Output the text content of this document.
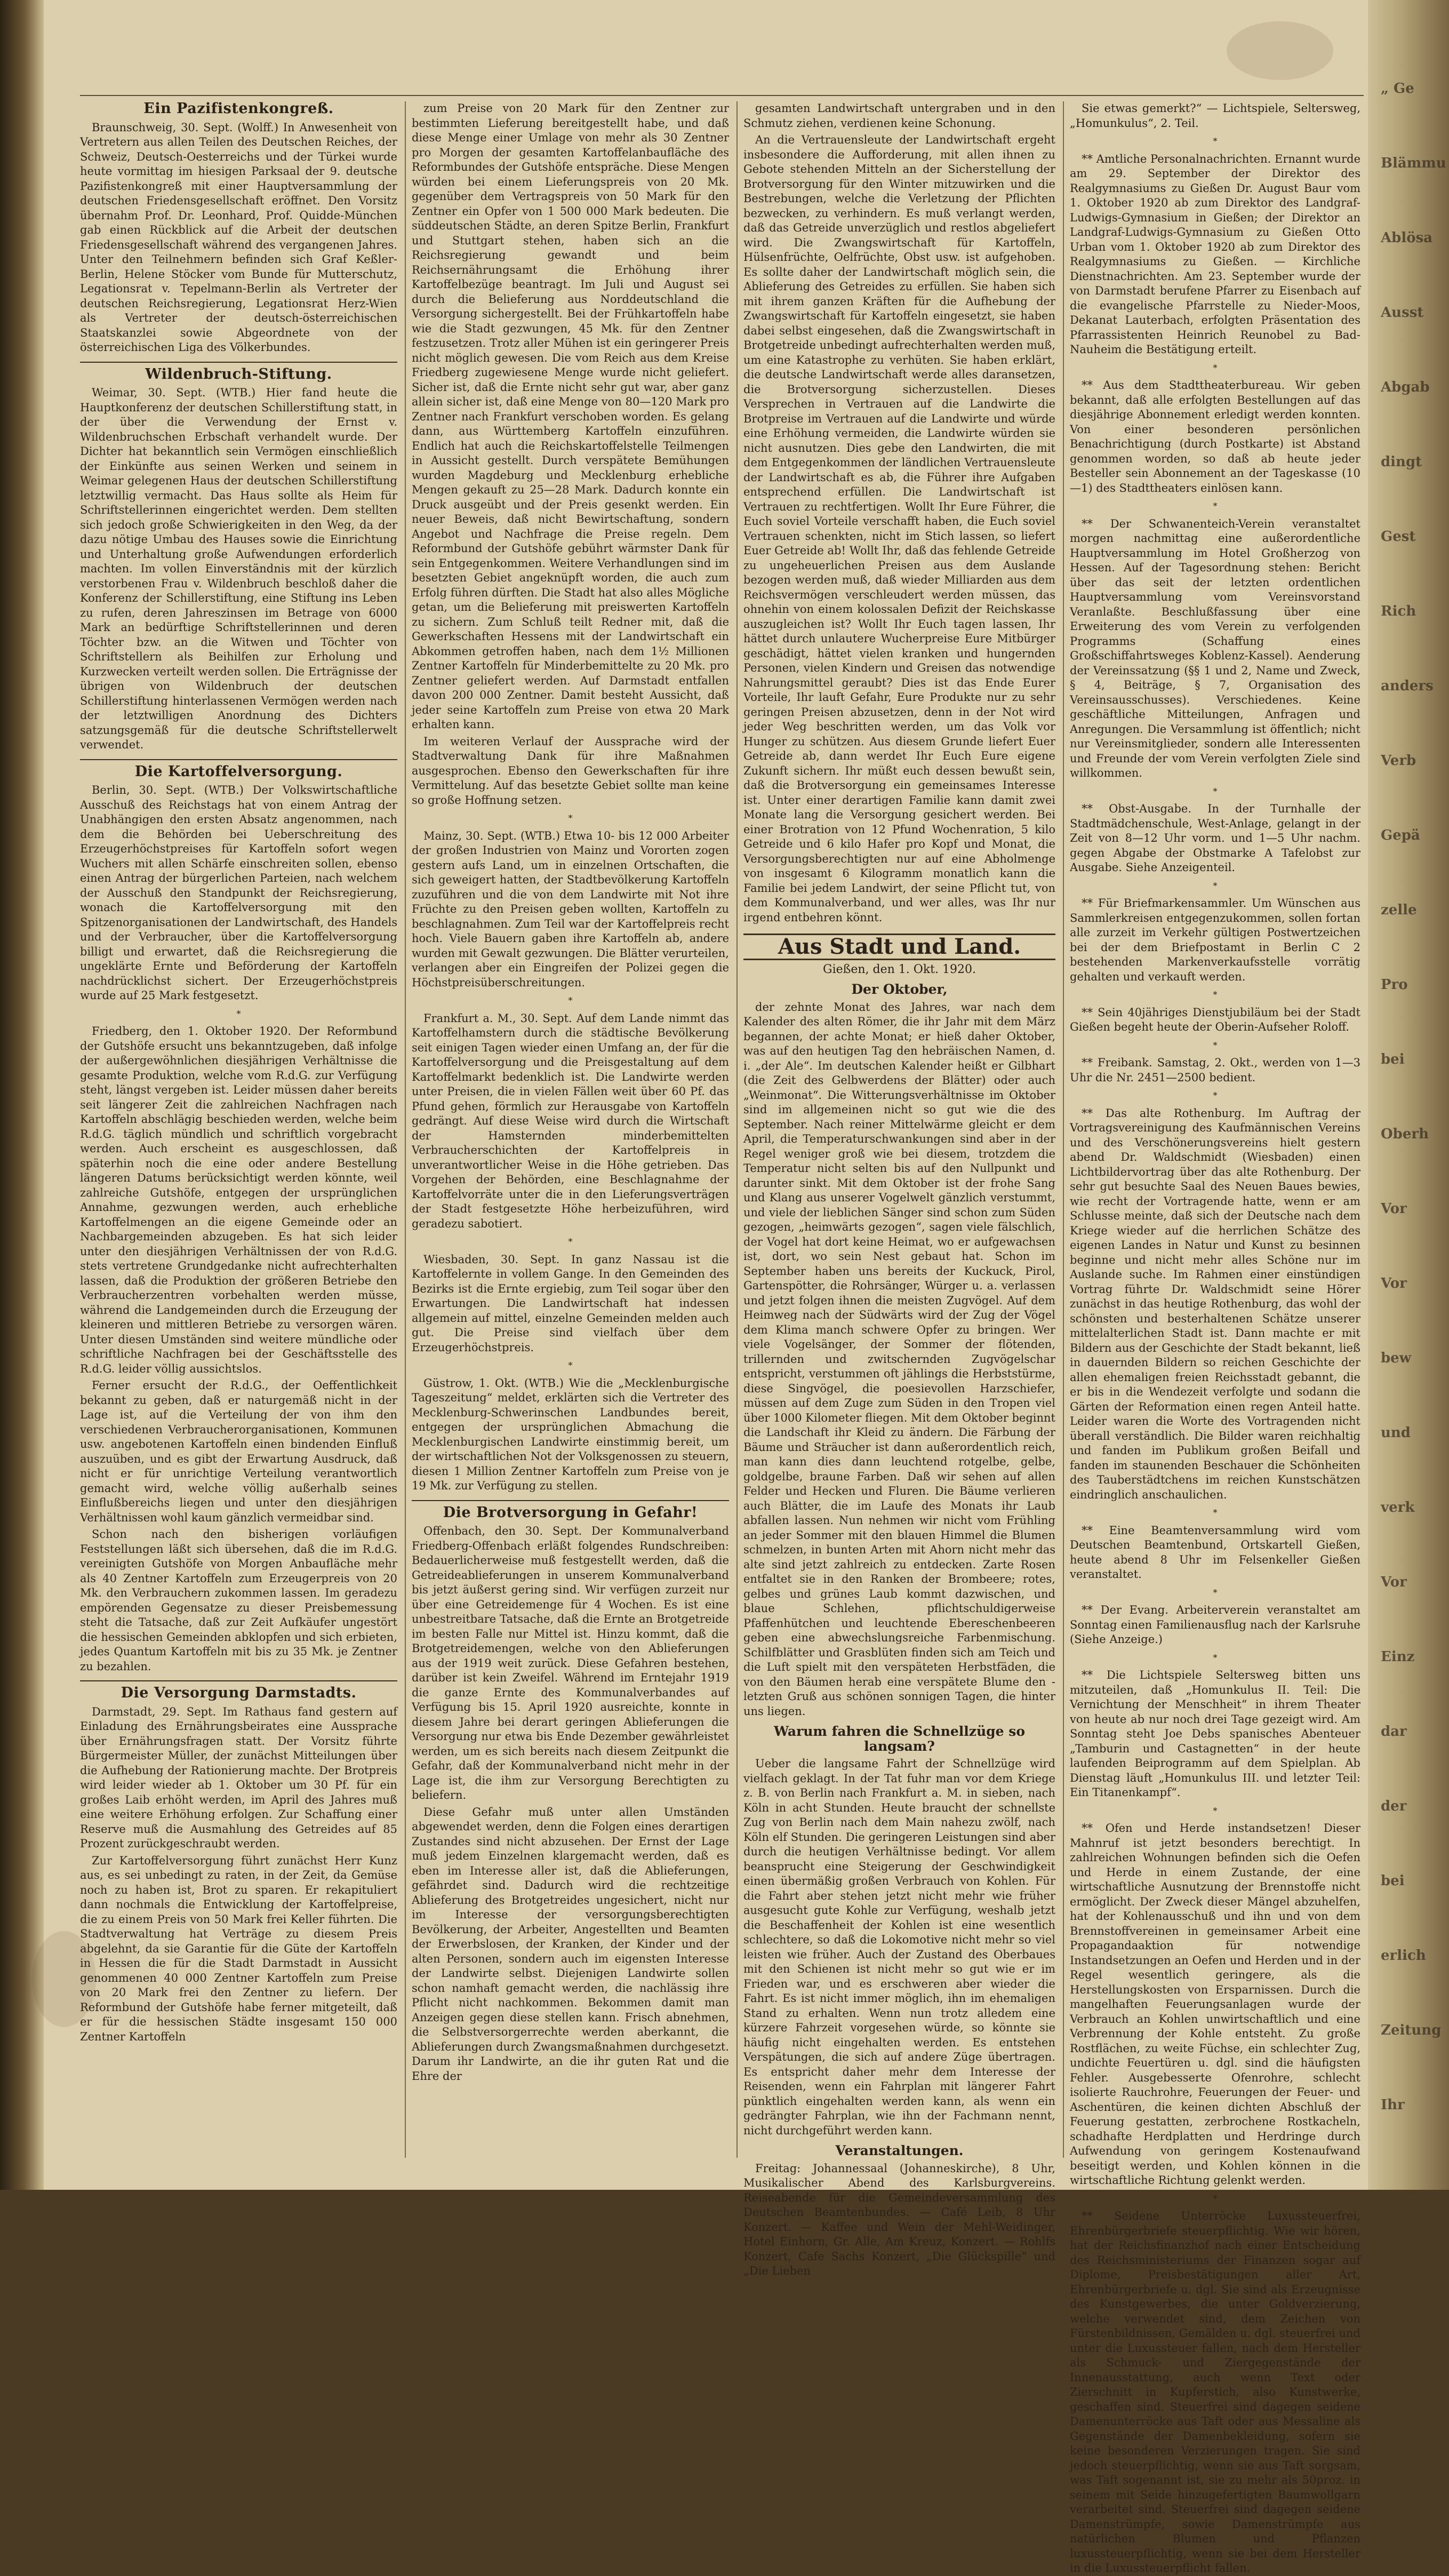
„ Ge
Blämmu
Ablösa
Ausst
Abgab
dingt
Gest
Rich
anders
Verb
Gepä
zelle
Pro
bei
Oberh
Vor
Vor
bew
und
verk
Vor
Einz
dar
der
bei
erlich
Zeitung
Ihr
Ein Pazifistenkongreß.

Braunschweig, 30. Sept. (Wolff.) In Anwesenheit von Vertretern aus allen Teilen des Deutschen Reiches, der Schweiz, Deutsch-Oesterreichs und der Türkei wurde heute vormittag im hiesigen Parksaal der 9. deutsche Pazifistenkongreß mit einer Hauptversammlung der deutschen Friedensgesellschaft eröffnet. Den Vorsitz übernahm Prof. Dr. Leonhard, Prof. Quidde-München gab einen Rückblick auf die Arbeit der deutschen Friedensgesellschaft während des vergangenen Jahres. Unter den Teilnehmern befinden sich Graf Keßler-Berlin, Helene Stöcker vom Bunde für Mutterschutz, Legationsrat v. Tepelmann-Berlin als Vertreter der deutschen Reichsregierung, Legationsrat Herz-Wien als Vertreter der deutsch-österreichischen Staatskanzlei sowie Abgeordnete von der österreichischen Liga des Völkerbundes.

Wildenbruch-Stiftung.

Weimar, 30. Sept. (WTB.) Hier fand heute die Hauptkonferenz der deutschen Schillerstiftung statt, in der über die Verwendung der Ernst v. Wildenbruchschen Erbschaft verhandelt wurde. Der Dichter hat bekanntlich sein Vermögen einschließlich der Einkünfte aus seinen Werken und seinem in Weimar gelegenen Haus der deutschen Schillerstiftung letztwillig vermacht. Das Haus sollte als Heim für Schriftstellerinnen eingerichtet werden. Dem stellten sich jedoch große Schwierigkeiten in den Weg, da der dazu nötige Umbau des Hauses sowie die Einrichtung und Unterhaltung große Aufwendungen erforderlich machten. Im vollen Einverständnis mit der kürzlich verstorbenen Frau v. Wildenbruch beschloß daher die Konferenz der Schillerstiftung, eine Stiftung ins Leben zu rufen, deren Jahreszinsen im Betrage von 6000 Mark an bedürftige Schriftstellerinnen und deren Töchter bzw. an die Witwen und Töchter von Schriftstellern als Beihilfen zur Erholung und Kurzwecken verteilt werden sollen. Die Erträgnisse der übrigen von Wildenbruch der deutschen Schillerstiftung hinterlassenen Vermögen werden nach der letztwilligen Anordnung des Dichters satzungsgemäß für die deutsche Schriftstellerwelt verwendet.

Die Kartoffelversorgung.

Berlin, 30. Sept. (WTB.) Der Volkswirtschaftliche Ausschuß des Reichstags hat von einem Antrag der Unabhängigen den ersten Absatz angenommen, nach dem die Behörden bei Ueberschreitung des Erzeugerhöchstpreises für Kartoffeln sofort wegen Wuchers mit allen Schärfe einschreiten sollen, ebenso einen Antrag der bürgerlichen Parteien, nach welchem der Ausschuß den Standpunkt der Reichsregierung, wonach die Kartoffelversorgung mit den Spitzenorganisationen der Landwirtschaft, des Handels und der Verbraucher, über die Kartoffelversorgung billigt und erwartet, daß die Reichsregierung die ungeklärte Ernte und Beförderung der Kartoffeln nachdrücklichst sichert. Der Erzeugerhöchstpreis wurde auf 25 Mark festgesetzt.

*

Friedberg, den 1. Oktober 1920. Der Reformbund der Gutshöfe ersucht uns bekanntzugeben, daß infolge der außergewöhnlichen diesjährigen Verhältnisse die gesamte Produktion, welche vom R.d.G. zur Verfügung steht, längst vergeben ist. Leider müssen daher bereits seit längerer Zeit die zahlreichen Nachfragen nach Kartoffeln abschlägig beschieden werden, welche beim R.d.G. täglich mündlich und schriftlich vorgebracht werden. Auch erscheint es ausgeschlossen, daß späterhin noch die eine oder andere Bestellung längeren Datums berücksichtigt werden könnte, weil zahlreiche Gutshöfe, entgegen der ursprünglichen Annahme, gezwungen werden, auch erhebliche Kartoffelmengen an die eigene Gemeinde oder an Nachbargemeinden abzugeben. Es hat sich leider unter den diesjährigen Verhältnissen der von R.d.G. stets vertretene Grundgedanke nicht aufrechterhalten lassen, daß die Produktion der größeren Betriebe den Verbraucherzentren vorbehalten werden müsse, während die Landgemeinden durch die Erzeugung der kleineren und mittleren Betriebe zu versorgen wären. Unter diesen Umständen sind weitere mündliche oder schriftliche Nachfragen bei der Geschäftsstelle des R.d.G. leider völlig aussichtslos.

Ferner ersucht der R.d.G., der Oeffentlichkeit bekannt zu geben, daß er naturgemäß nicht in der Lage ist, auf die Verteilung der von ihm den verschiedenen Verbraucherorganisationen, Kommunen usw. angebotenen Kartoffeln einen bindenden Einfluß auszuüben, und es gibt der Erwartung Ausdruck, daß nicht er für unrichtige Verteilung verantwortlich gemacht wird, welche völlig außerhalb seines Einflußbereichs liegen und unter den diesjährigen Verhältnissen wohl kaum gänzlich vermeidbar sind.

Schon nach den bisherigen vorläufigen Feststellungen läßt sich übersehen, daß die im R.d.G. vereinigten Gutshöfe von Morgen Anbaufläche mehr als 40 Zentner Kartoffeln zum Erzeugerpreis von 20 Mk. den Verbrauchern zukommen lassen. Im geradezu empörenden Gegensatze zu dieser Preisbemessung steht die Tatsache, daß zur Zeit Aufkäufer ungestört die hessischen Gemeinden abklopfen und sich erbieten, jedes Quantum Kartoffeln mit bis zu 35 Mk. je Zentner zu bezahlen.

Die Versorgung Darmstadts.

Darmstadt, 29. Sept. Im Rathaus fand gestern auf Einladung des Ernährungsbeirates eine Aussprache über Ernährungsfragen statt. Der Vorsitz führte Bürgermeister Müller, der zunächst Mitteilungen über die Aufhebung der Rationierung machte. Der Brotpreis wird leider wieder ab 1. Oktober um 30 Pf. für ein großes Laib erhöht werden, im April des Jahres muß eine weitere Erhöhung erfolgen. Zur Schaffung einer Reserve muß die Ausmahlung des Getreides auf 85 Prozent zurückgeschraubt werden.

Zur Kartoffelversorgung führt zunächst Herr Kunz aus, es sei unbedingt zu raten, in der Zeit, da Gemüse noch zu haben ist, Brot zu sparen. Er rekapituliert dann nochmals die Entwicklung der Kartoffelpreise, die zu einem Preis von 50 Mark frei Keller führten. Die Stadtverwaltung hat Verträge zu diesem Preis abgelehnt, da sie Garantie für die Güte der Kartoffeln in Hessen die für die Stadt Darmstadt in Aussicht genommenen 40 000 Zentner Kartoffeln zum Preise von 20 Mark frei den Zentner zu liefern. Der Reformbund der Gutshöfe habe ferner mitgeteilt, daß er für die hessischen Städte insgesamt 150 000 Zentner Kartoffeln

zum Preise von 20 Mark für den Zentner zur bestimmten Lieferung bereitgestellt habe, und daß diese Menge einer Umlage von mehr als 30 Zentner pro Morgen der gesamten Kartoffelanbaufläche des Reformbundes der Gutshöfe entspräche. Diese Mengen würden bei einem Lieferungspreis von 20 Mk. gegenüber dem Vertragspreis von 50 Mark für den Zentner ein Opfer von 1 500 000 Mark bedeuten. Die süddeutschen Städte, an deren Spitze Berlin, Frankfurt und Stuttgart stehen, haben sich an die Reichsregierung gewandt und beim Reichsernährungsamt die Erhöhung ihrer Kartoffelbezüge beantragt. Im Juli und August sei durch die Belieferung aus Norddeutschland die Versorgung sichergestellt. Bei der Frühkartoffeln habe wie die Stadt gezwungen, 45 Mk. für den Zentner festzusetzen. Trotz aller Mühen ist ein geringerer Preis nicht möglich gewesen. Die vom Reich aus dem Kreise Friedberg zugewiesene Menge wurde nicht geliefert. Sicher ist, daß die Ernte nicht sehr gut war, aber ganz allein sicher ist, daß eine Menge von 80—120 Mark pro Zentner nach Frankfurt verschoben worden. Es gelang dann, aus Württemberg Kartoffeln einzuführen. Endlich hat auch die Reichskartoffelstelle Teilmengen in Aussicht gestellt. Durch verspätete Bemühungen wurden Magdeburg und Mecklenburg erhebliche Mengen gekauft zu 25—28 Mark. Dadurch konnte ein Druck ausgeübt und der Preis gesenkt werden. Ein neuer Beweis, daß nicht Bewirtschaftung, sondern Angebot und Nachfrage die Preise regeln. Dem Reformbund der Gutshöfe gebührt wärmster Dank für sein Entgegenkommen. Weitere Verhandlungen sind im besetzten Gebiet angeknüpft worden, die auch zum Erfolg führen dürften. Die Stadt hat also alles Mögliche getan, um die Belieferung mit preiswerten Kartoffeln zu sichern. Zum Schluß teilt Redner mit, daß die Gewerkschaften Hessens mit der Landwirtschaft ein Abkommen getroffen haben, nach dem 1½ Millionen Zentner Kartoffeln für Minderbemittelte zu 20 Mk. pro Zentner geliefert werden. Auf Darmstadt entfallen davon 200 000 Zentner. Damit besteht Aussicht, daß jeder seine Kartoffeln zum Preise von etwa 20 Mark erhalten kann.

Im weiteren Verlauf der Aussprache wird der Stadtverwaltung Dank für ihre Maßnahmen ausgesprochen. Ebenso den Gewerkschaften für ihre Vermittelung. Auf das besetzte Gebiet sollte man keine so große Hoffnung setzen.

*

Mainz, 30. Sept. (WTB.) Etwa 10- bis 12 000 Arbeiter der großen Industrien von Mainz und Vororten zogen gestern aufs Land, um in einzelnen Ortschaften, die sich geweigert hatten, der Stadtbevölkerung Kartoffeln zuzuführen und die von dem Landwirte mit Not ihre Früchte zu den Preisen geben wollten, Kartoffeln zu beschlagnahmen. Zum Teil war der Kartoffelpreis recht hoch. Viele Bauern gaben ihre Kartoffeln ab, andere wurden mit Gewalt gezwungen. Die Blätter verurteilen, verlangen aber ein Eingreifen der Polizei gegen die Höchstpreisüberschreitungen.

*

Frankfurt a. M., 30. Sept. Auf dem Lande nimmt das Kartoffelhamstern durch die städtische Bevölkerung seit einigen Tagen wieder einen Umfang an, der für die Kartoffelversorgung und die Preisgestaltung auf dem Kartoffelmarkt bedenklich ist. Die Landwirte werden unter Preisen, die in vielen Fällen weit über 60 Pf. das Pfund gehen, förmlich zur Herausgabe von Kartoffeln gedrängt. Auf diese Weise wird durch die Wirtschaft der Hamsternden minderbemittelten Verbraucherschichten der Kartoffelpreis in unverantwortlicher Weise in die Höhe getrieben. Das Vorgehen der Behörden, eine Beschlagnahme der Kartoffelvorräte unter die in den Lieferungsverträgen der Stadt festgesetzte Höhe herbeizuführen, wird geradezu sabotiert.

*

Wiesbaden, 30. Sept. In ganz Nassau ist die Kartoffelernte in vollem Gange. In den Gemeinden des Bezirks ist die Ernte ergiebig, zum Teil sogar über den Erwartungen. Die Landwirtschaft hat indessen allgemein auf mittel, einzelne Gemeinden melden auch gut. Die Preise sind vielfach über dem Erzeugerhöchstpreis.

*

Güstrow, 1. Okt. (WTB.) Wie die „Mecklenburgische Tageszeitung“ meldet, erklärten sich die Vertreter des Mecklenburg-Schwerinschen Landbundes bereit, entgegen der ursprünglichen Abmachung die Mecklenburgischen Landwirte einstimmig bereit, um der wirtschaftlichen Not der Volksgenossen zu steuern, diesen 1 Million Zentner Kartoffeln zum Preise von je 19 Mk. zur Verfügung zu stellen.

Die Brotversorgung in Gefahr!

Offenbach, den 30. Sept. Der Kommunalverband Friedberg-Offenbach erläßt folgendes Rundschreiben: Bedauerlicherweise muß festgestellt werden, daß die Getreideablieferungen in unserem Kommunalverband bis jetzt äußerst gering sind. Wir verfügen zurzeit nur über eine Getreidemenge für 4 Wochen. Es ist eine unbestreitbare Tatsache, daß die Ernte an Brotgetreide im besten Falle nur Mittel ist. Hinzu kommt, daß die Brotgetreidemengen, welche von den Ablieferungen aus der 1919 weit zurück. Diese Gefahren bestehen, darüber ist kein Zweifel. Während im Erntejahr 1919 die ganze Ernte des Kommunalverbandes auf Verfügung bis 15. April 1920 ausreichte, konnte in diesem Jahre bei derart geringen Ablieferungen die Versorgung nur etwa bis Ende Dezember gewährleistet werden, um es sich bereits nach diesem Zeitpunkt die Gefahr, daß der Kommunalverband nicht mehr in der Lage ist, die ihm zur Versorgung Berechtigten zu beliefern.

Diese Gefahr muß unter allen Umständen abgewendet werden, denn die Folgen eines derartigen Zustandes sind nicht abzusehen. Der Ernst der Lage muß jedem Einzelnen klargemacht werden, daß es eben im Interesse aller ist, daß die Ablieferungen, gefährdet sind. Dadurch wird die rechtzeitige Ablieferung des Brotgetreides ungesichert, nicht nur im Interesse der versorgungsberechtigten Bevölkerung, der Arbeiter, Angestellten und Beamten der Erwerbslosen, der Kranken, der Kinder und der alten Personen, sondern auch im eigensten Interesse der Landwirte selbst. Diejenigen Landwirte sollen schon namhaft gemacht werden, die nachlässig ihre Pflicht nicht nachkommen. Bekommen damit man Anzeigen gegen diese stellen kann. Frisch abnehmen, die Selbstversorgerrechte werden aberkannt, die Ablieferungen durch Zwangsmaßnahmen durchgesetzt. Darum ihr Landwirte, an die ihr guten Rat und die Ehre der

gesamten Landwirtschaft untergraben und in den Schmutz ziehen, verdienen keine Schonung.

An die Vertrauensleute der Landwirtschaft ergeht insbesondere die Aufforderung, mit allen ihnen zu Gebote stehenden Mitteln an der Sicherstellung der Brotversorgung für den Winter mitzuwirken und die Bestrebungen, welche die Verletzung der Pflichten bezwecken, zu verhindern. Es muß verlangt werden, daß das Getreide unverzüglich und restlos abgeliefert wird. Die Zwangswirtschaft für Kartoffeln, Hülsenfrüchte, Oelfrüchte, Obst usw. ist aufgehoben. Es sollte daher der Landwirtschaft möglich sein, die Ablieferung des Getreides zu erfüllen. Sie haben sich mit ihrem ganzen Kräften für die Aufhebung der Zwangswirtschaft für Kartoffeln eingesetzt, sie haben dabei selbst eingesehen, daß die Zwangswirtschaft in Brotgetreide unbedingt aufrechterhalten werden muß, um eine Katastrophe zu verhüten. Sie haben erklärt, die deutsche Landwirtschaft werde alles daransetzen, die Brotversorgung sicherzustellen. Dieses Versprechen in Vertrauen auf die Landwirte die Brotpreise im Vertrauen auf die Landwirte und würde eine Erhöhung vermeiden, die Landwirte würden sie nicht ausnutzen. Dies gebe den Landwirten, die mit dem Entgegenkommen der ländlichen Vertrauensleute der Landwirtschaft es ab, die Führer ihre Aufgaben entsprechend erfüllen. Die Landwirtschaft ist Vertrauen zu rechtfertigen. Wollt Ihr Eure Führer, die Euch soviel Vorteile verschafft haben, die Euch soviel Vertrauen schenkten, nicht im Stich lassen, so liefert Euer Getreide ab! Wollt Ihr, daß das fehlende Getreide zu ungeheuerlichen Preisen aus dem Auslande bezogen werden muß, daß wieder Milliarden aus dem Reichsvermögen verschleudert werden müssen, das ohnehin von einem kolossalen Defizit der Reichskasse auszugleichen ist? Wollt Ihr Euch tagen lassen, Ihr hättet durch unlautere Wucherpreise Eure Mitbürger geschädigt, hättet vielen kranken und hungernden Personen, vielen Kindern und Greisen das notwendige Nahrungsmittel geraubt? Dies ist das Ende Eurer Vorteile, Ihr lauft Gefahr, Eure Produkte nur zu sehr geringen Preisen abzusetzen, denn in der Not wird jeder Weg beschritten werden, um das Volk vor Hunger zu schützen. Aus diesem Grunde liefert Euer Getreide ab, dann werdet Ihr Euch Eure eigene Zukunft sichern. Ihr müßt euch dessen bewußt sein, daß die Brotversorgung ein gemeinsames Interesse ist. Unter einer derartigen Familie kann damit zwei Monate lang die Versorgung gesichert werden. Bei einer Brotration von 12 Pfund Wochenration, 5 kilo Getreide und 6 kilo Hafer pro Kopf und Monat, die Versorgungsberechtigten nur auf eine Abholmenge von insgesamt 6 Kilogramm monatlich kann die Familie bei jedem Landwirt, der seine Pflicht tut, von dem Kommunalverband, und wer alles, was Ihr nur irgend entbehren könnt.

Aus Stadt und Land.
Gießen, den 1. Okt. 1920.
Der Oktober,

der zehnte Monat des Jahres, war nach dem Kalender des alten Römer, die ihr Jahr mit dem März begannen, der achte Monat; er hieß daher Oktober, was auf den heutigen Tag den hebräischen Namen, d. i. „der Ale“. Im deutschen Kalender heißt er Gilbhart (die Zeit des Gelbwerdens der Blätter) oder auch „Weinmonat“. Die Witterungsverhältnisse im Oktober sind im allgemeinen nicht so gut wie die des September. Nach reiner Mittelwärme gleicht er dem April, die Temperaturschwankungen sind aber in der Regel weniger groß wie bei diesem, trotzdem die Temperatur nicht selten bis auf den Nullpunkt und darunter sinkt. Mit dem Oktober ist der frohe Sang und Klang aus unserer Vogelwelt gänzlich verstummt, und viele der lieblichen Sänger sind schon zum Süden gezogen, „heimwärts gezogen“, sagen viele fälschlich, der Vogel hat dort keine Heimat, wo er aufgewachsen ist, dort, wo sein Nest gebaut hat. Schon im September haben uns bereits der Kuckuck, Pirol, Gartenspötter, die Rohrsänger, Würger u. a. verlassen und jetzt folgen ihnen die meisten Zugvögel. Auf dem Heimweg nach der Südwärts wird der Zug der Vögel dem Klima manch schwere Opfer zu bringen. Wer viele Vogelsänger, der Sommer der flötenden, trillernden und zwitschernden Zugvögelschar entspricht, verstummen oft jählings die Herbststürme, diese Singvögel, die poesievollen Harzschiefer, müssen auf dem Zuge zum Süden in den Tropen viel über 1000 Kilometer fliegen. Mit dem Oktober beginnt die Landschaft ihr Kleid zu ändern. Die Färbung der Bäume und Sträucher ist dann außerordentlich reich, man kann dies dann leuchtend rotgelbe, gelbe, goldgelbe, braune Farben. Daß wir sehen auf allen Felder und Hecken und Fluren. Die Bäume verlieren auch Blätter, die im Laufe des Monats ihr Laub abfallen lassen. Nun nehmen wir nicht vom Frühling an jeder Sommer mit den blauen Himmel die Blumen schmelzen, in bunten Arten mit Ahorn nicht mehr das alte sind jetzt zahlreich zu entdecken. Zarte Rosen entfaltet sie in den Ranken der Brombeere; rotes, gelbes und grünes Laub kommt dazwischen, und blaue Schlehen, pflichtschuldigerweise Pfaffenhütchen und leuchtende Ebereschenbeeren geben eine abwechslungsreiche Farbenmischung. Schilfblätter und Grasblüten finden sich am Teich und die Luft spielt mit den verspäteten Herbstfäden, die von den Bäumen herab eine verspätete Blume den - letzten Gruß aus schönen sonnigen Tagen, die hinter uns liegen.

Warum fahren die Schnellzüge so langsam?

Ueber die langsame Fahrt der Schnellzüge wird vielfach geklagt. In der Tat fuhr man vor dem Kriege z. B. von Berlin nach Frankfurt a. M. in sieben, nach Köln in acht Stunden. Heute braucht der schnellste Zug von Berlin nach dem Main nahezu zwölf, nach Köln elf Stunden. Die geringeren Leistungen sind aber durch die heutigen Verhältnisse bedingt. Vor allem beansprucht eine Steigerung der Geschwindigkeit einen übermäßig großen Verbrauch von Kohlen. Für die Fahrt aber stehen jetzt nicht mehr wie früher ausgesucht gute Kohle zur Verfügung, weshalb jetzt die Beschaffenheit der Kohlen ist eine wesentlich schlechtere, so daß die Lokomotive nicht mehr so viel leisten wie früher. Auch der Zustand des Oberbaues mit den Schienen ist nicht mehr so gut wie er im Frieden war, und es erschweren aber wieder die Fahrt. Es ist nicht immer möglich, ihn im ehemaligen Stand zu erhalten. Wenn nun trotz alledem eine kürzere Fahrzeit vorgesehen würde, so könnte sie häufig nicht eingehalten werden. Es entstehen Verspätungen, die sich auf andere Züge übertragen. Es entspricht daher mehr dem Interesse der Reisenden, wenn ein Fahrplan mit längerer Fahrt pünktlich eingehalten werden kann, als wenn ein gedrängter Fahrplan, wie ihn der Fachmann nennt, nicht durchgeführt werden kann.

Veranstaltungen.

Freitag: Johannessaal (Johanneskirche), 8 Uhr, Musikalischer Abend des Karlsburgvereins. Reiseabende für die Gemeindeversammlung des Deutschen Beamtenbundes. — Café Leib, 8 Uhr Konzert. — Kaffee und Wein der Mehl-Weidinger, Hotel Einhorn, Gr. Alle, Am Kreuz, Konzert. — Rohlfs Konzert, Cafe Sachs Konzert, „Die Glückspille“ und „Die Lieben

Sie etwas gemerkt?“ — Lichtspiele, Seltersweg, „Homunkulus“, 2. Teil.

*

** Amtliche Personalnachrichten. Ernannt wurde am 29. September der Direktor des Realgymnasiums zu Gießen Dr. August Baur vom 1. Oktober 1920 ab zum Direktor des Landgraf-Ludwigs-Gymnasium in Gießen; der Direktor an Landgraf-Ludwigs-Gymnasium zu Gießen Otto Urban vom 1. Oktober 1920 ab zum Direktor des Realgymnasiums zu Gießen. — Kirchliche Dienstnachrichten. Am 23. September wurde der von Darmstadt berufene Pfarrer zu Eisenbach auf die evangelische Pfarrstelle zu Nieder-Moos, Dekanat Lauterbach, erfolgten Präsentation des Pfarrassistenten Heinrich Reunobel zu Bad-Nauheim die Bestätigung erteilt.

*

** Aus dem Stadttheaterbureau. Wir geben bekannt, daß alle erfolgten Bestellungen auf das diesjährige Abonnement erledigt werden konnten. Von einer besonderen persönlichen Benachrichtigung (durch Postkarte) ist Abstand genommen worden, so daß ab heute jeder Besteller sein Abonnement an der Tageskasse (10—1) des Stadttheaters einlösen kann.

*

** Der Schwanenteich-Verein veranstaltet morgen nachmittag eine außerordentliche Hauptversammlung im Hotel Großherzog von Hessen. Auf der Tagesordnung stehen: Bericht über das seit der letzten ordentlichen Hauptversammlung vom Vereinsvorstand Veranlaßte. Beschlußfassung über eine Erweiterung des vom Verein zu verfolgenden Programms (Schaffung eines Großschiffahrtsweges Koblenz-Kassel). Aenderung der Vereinssatzung (§§ 1 und 2, Name und Zweck, § 4, Beiträge, § 7, Organisation des Vereinsausschusses). Verschiedenes. Keine geschäftliche Mitteilungen, Anfragen und Anregungen. Die Versammlung ist öffentlich; nicht nur Vereinsmitglieder, sondern alle Interessenten und Freunde der vom Verein verfolgten Ziele sind willkommen.

*

** Obst-Ausgabe. In der Turnhalle der Stadtmädchenschule, West-Anlage, gelangt in der Zeit von 8—12 Uhr vorm. und 1—5 Uhr nachm. gegen Abgabe der Obstmarke A Tafelobst zur Ausgabe. Siehe Anzeigenteil.

*

** Für Briefmarkensammler. Um Wünschen aus Sammlerkreisen entgegenzukommen, sollen fortan alle zurzeit im Verkehr gültigen Postwertzeichen bei der dem Briefpostamt in Berlin C 2 bestehenden Markenverkaufsstelle vorrätig gehalten und verkauft werden.

*

** Sein 40jähriges Dienstjubiläum bei der Stadt Gießen begeht heute der Oberin-Aufseher Roloff.

*

** Freibank. Samstag, 2. Okt., werden von 1—3 Uhr die Nr. 2451—2500 bedient.

*

** Das alte Rothenburg. Im Auftrag der Vortragsvereinigung des Kaufmännischen Vereins und des Verschönerungsvereins hielt gestern abend Dr. Waldschmidt (Wiesbaden) einen Lichtbildervortrag über das alte Rothenburg. Der sehr gut besuchte Saal des Neuen Baues bewies, wie recht der Vortragende hatte, wenn er am Schlusse meinte, daß sich der Deutsche nach dem Kriege wieder auf die herrlichen Schätze des eigenen Landes in Natur und Kunst zu besinnen beginne und nicht mehr alles Schöne nur im Auslande suche. Im Rahmen einer einstündigen Vortrag führte Dr. Waldschmidt seine Hörer zunächst in das heutige Rothenburg, das wohl der schönsten und besterhaltenen Schätze unserer mittelalterlichen Stadt ist. Dann machte er mit Bildern aus der Geschichte der Stadt bekannt, ließ in dauernden Bildern so reichen Geschichte der allen ehemaligen freien Reichsstadt gebannt, die er bis in die Wendezeit verfolgte und sodann die Gärten der Reformation einen regen Anteil hatte. Leider waren die Worte des Vortragenden nicht überall verständlich. Die Bilder waren reichhaltig und fanden im Publikum großen Beifall und fanden im staunenden Beschauer die Schönheiten des Tauberstädtchens im reichen Kunstschätzen eindringlich anschaulichen.

*

** Eine Beamtenversammlung wird vom Deutschen Beamtenbund, Ortskartell Gießen, heute abend 8 Uhr im Felsenkeller Gießen veranstaltet.

*

** Der Evang. Arbeiterverein veranstaltet am Sonntag einen Familienausflug nach der Karlsruhe (Siehe Anzeige.)

*

** Die Lichtspiele Seltersweg bitten uns mitzuteilen, daß „Homunkulus II. Teil: Die Vernichtung der Menschheit“ in ihrem Theater von heute ab nur noch drei Tage gezeigt wird. Am Sonntag steht Joe Debs spanisches Abenteuer „Tamburin und Castagnetten“ in der heute laufenden Beiprogramm auf dem Spielplan. Ab Dienstag läuft „Homunkulus III. und letzter Teil: Ein Titanenkampf“.

*

** Ofen und Herde instandsetzen! Dieser Mahnruf ist jetzt besonders berechtigt. In zahlreichen Wohnungen befinden sich die Oefen und Herde in einem Zustande, der eine wirtschaftliche Ausnutzung der Brennstoffe nicht ermöglicht. Der Zweck dieser Mängel abzuhelfen, hat der Kohlenausschuß und ihn und von dem Brennstoffvereinen in gemeinsamer Arbeit eine Propagandaaktion für notwendige Instandsetzungen an Oefen und Herden und in der Regel wesentlich geringere, als die Herstellungskosten von Ersparnissen. Durch die mangelhaften Feuerungsanlagen wurde der Verbrauch an Kohlen unwirtschaftlich und eine Verbrennung der Kohle entsteht. Zu große Rostflächen, zu weite Füchse, ein schlechter Zug, undichte Feuertüren u. dgl. sind die häufigsten Fehler. Ausgebesserte Ofenrohre, schlecht isolierte Rauchrohre, Feuerungen der Feuer- und Aschentüren, die keinen dichten Abschluß der Feuerung gestatten, zerbrochene Rostkacheln, schadhafte Herdplatten und Herdringe durch Aufwendung von geringem Kostenaufwand beseitigt werden, und Kohlen können in die wirtschaftliche Richtung gelenkt werden.

*

** Seidene Unterröcke Luxussteuerfrei, Ehrenbürgerbriefe steuerpflichtig. Wie wir hören, hat der Reichsfinanzhof nach einer Entscheidung des Reichsministeriums der Finanzen sogar auf Diplome, Preisbestätigungen aller Art, Ehrenbürgerbriefe u. dgl. Sie sind als Erzeugnisse des Kunstgewerbes, die unter Goldverzierung, welche verwendet sind, dem Zeichen von Fürstenbildnissen, Gemälden u. dgl. steuerfrei und unter die Luxussteuer fallen, nach dem Hersteller als Schmuck- und Ziergegenstände der Innenausstattung, auch wenn Text oder Zierschnitt in Kupferstich, also Kunstwerke, geschaffen sind. Steuerfrei sind dagegen seidene Damenunterröcke aus Taft oder aus Messaline als Gegenstände der Damenbekleidung, sofern sie keine besonderen Verzierungen tragen. Sie sind jedoch steuerpflichtig, wenn sie aus Taft sorgsam, was Taft sogenannt ist, sie zu mehr als 50proz. in seinem mit Seide hinzugefertigten Baumwollgarn verarbeitet sind. Steuerfrei sind dagegen seidene Damenstrümpfe, sowie Damenstrümpfe aus natürlichen Blumen und Pflanzen luxussteuerpflichtig, wenn sie bei dem Hersteller in die Luxussteuerpflicht fallen.
